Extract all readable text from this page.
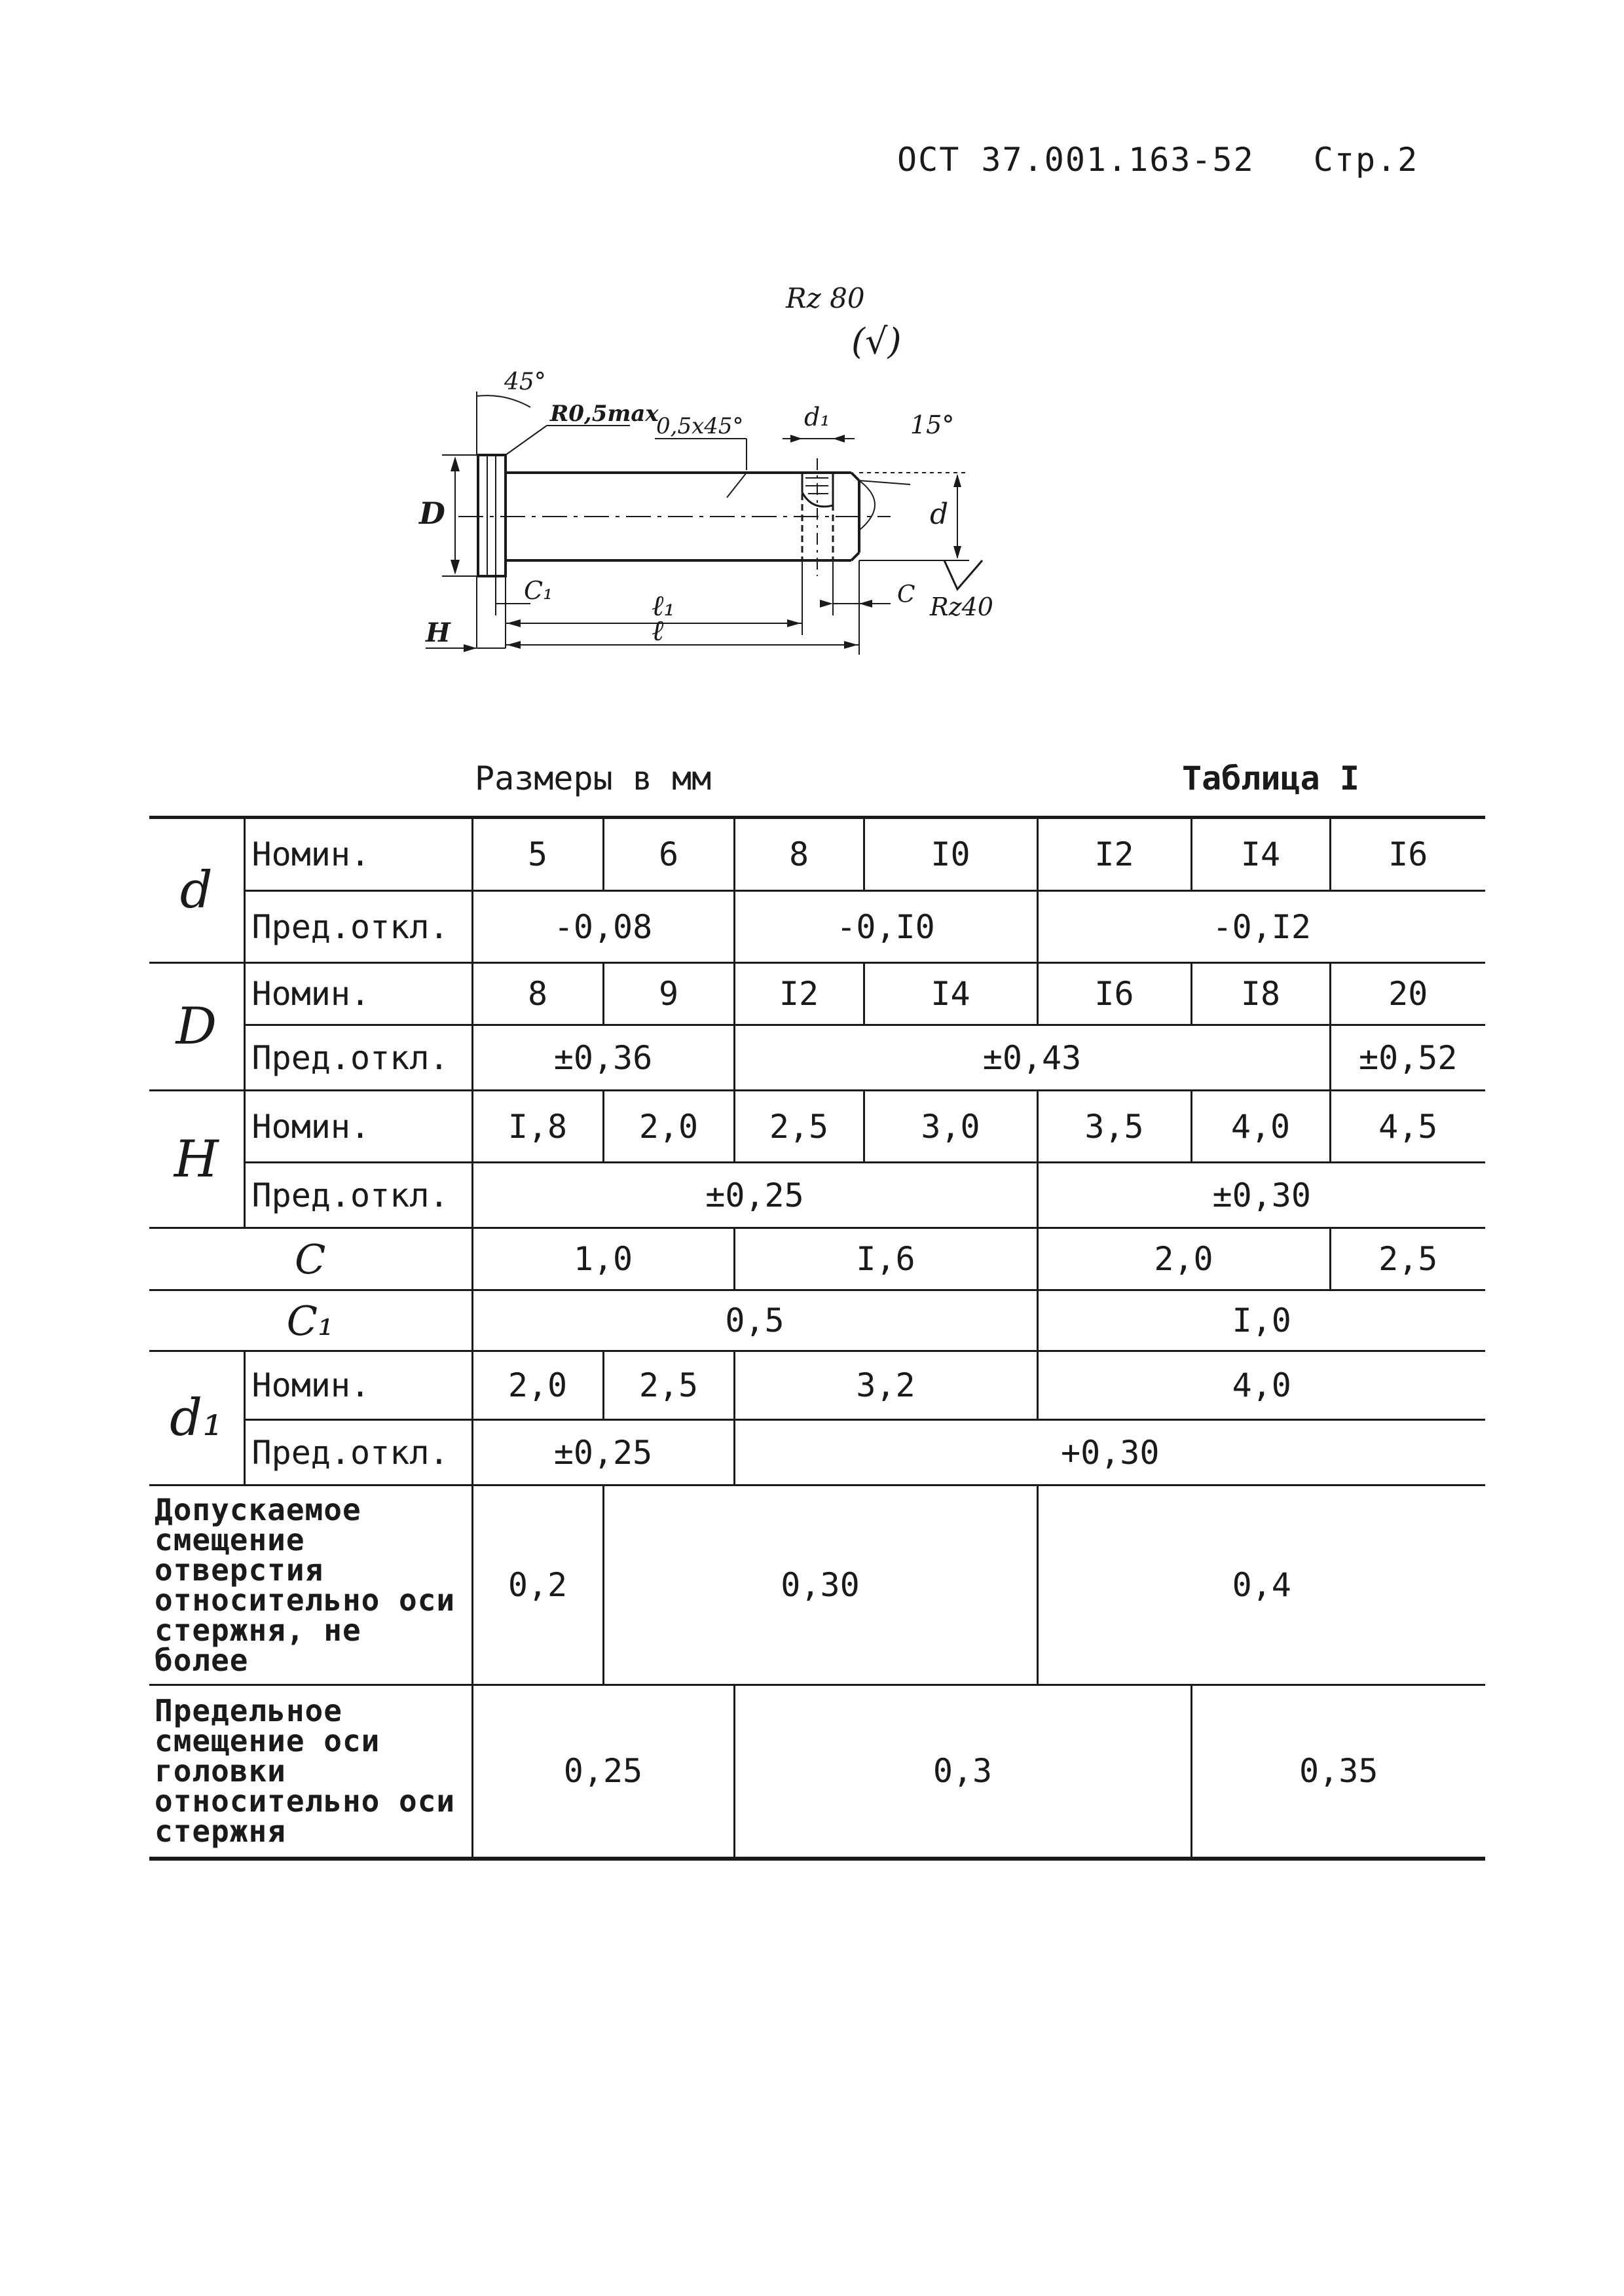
ОСТ 37.001.163-52 Стр.2
Rz 80
(√)
45°
R0,5max
0,5x45° d₁	15°
D	d
C₁	ℓ₁
ℓ
H
C Rz40
Размеры в мм	Таблица I
d	Номин.	5	6	8	I0	I2	I4	I6
	Пред.откл.	-0,08		-0,I0		-0,I2		
D	Номин.	8	9	I2	I4	I6	I8	20
	Пред.откл.	±0,36		±0,43				±0,52
H	Номин.	I,8	2,0	2,5	3,0	3,5	4,0	4,5
	Пред.откл.	±0,25				±0,30		
C		1,0		I,6		2,0		2,5
C₁		0,5				I,0		
d₁	Номин.	2,0	2,5	3,2		4,0		
	Пред.откл.	±0,25		+0,30				
Допускаемое смещение отверстия относительно оси стержня, не более		0,2	0,30			0,4		
Предельное смещение оси головки относительно оси стержня		0,25		0,3			0,35	
